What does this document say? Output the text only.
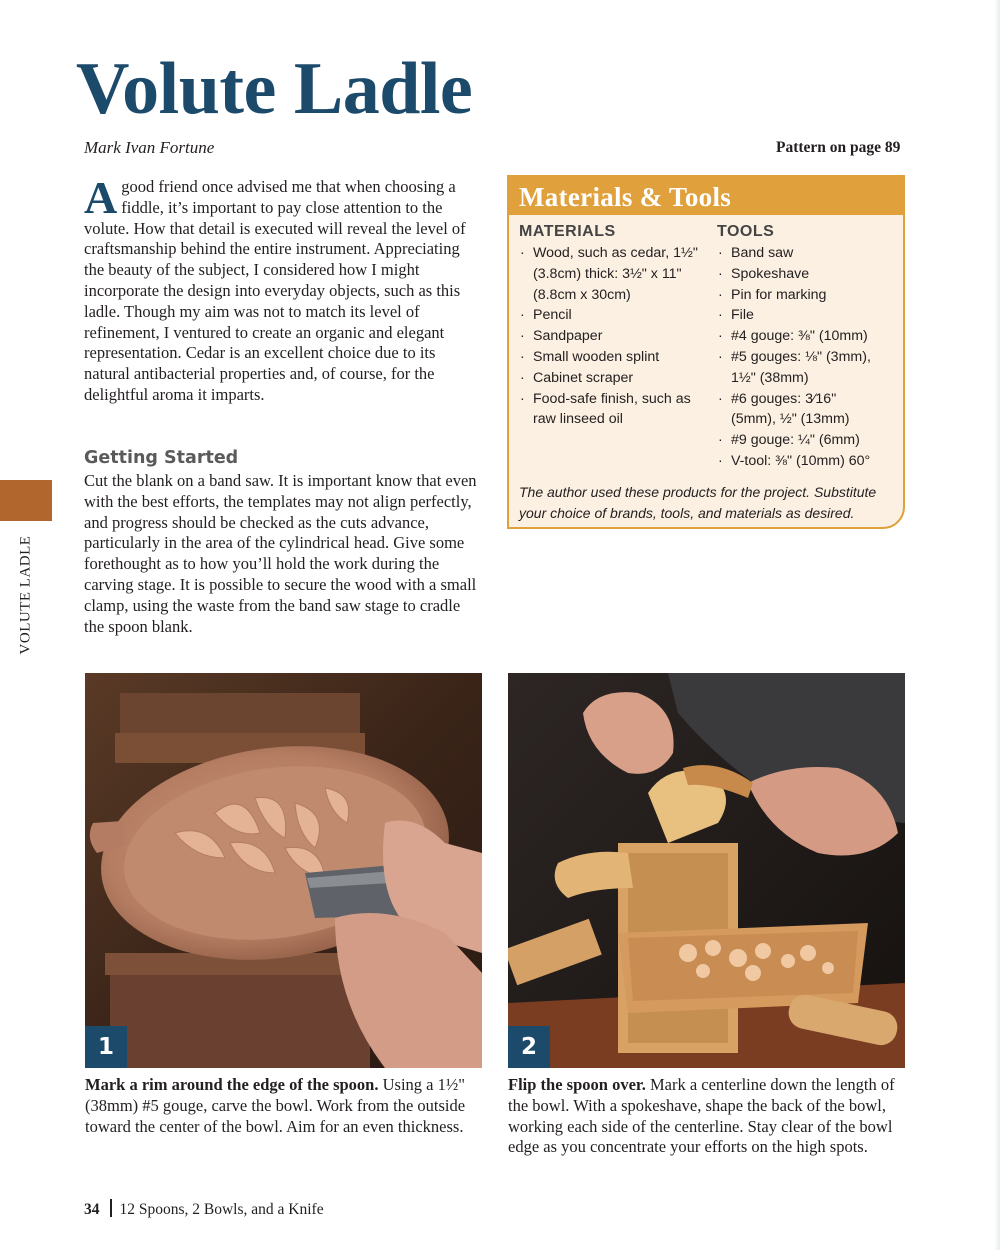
Volute Ladle
Mark Ivan Fortune	Pattern on page 89
VOLUTE LADLE

A good friend once advised me that when choosing a fiddle, it’s important to pay close attention to the volute. How that detail is executed will reveal the level of craftsmanship behind the entire instrument. Appreciating the beauty of the subject, I considered how I might incorporate the design into everyday objects, such as this ladle. Though my aim was not to match its level of refinement, I ventured to create an organic and elegant representation. Cedar is an excellent choice due to its natural antibacterial properties and, of course, for the delightful aroma it imparts.

Getting Started

Cut the blank on a band saw. It is important know that even with the best efforts, the templates may not align perfectly, and progress should be checked as the cuts advance, particularly in the area of the cylindrical head. Give some forethought as to how you’ll hold the work during the carving stage. It is possible to secure the wood with a small clamp, using the waste from the band saw stage to cradle the spoon blank.

Materials & Tools
MATERIALS
· Wood, such as cedar, 1½" (3.8cm) thick: 3½" x 11" (8.8cm x 30cm)
· Pencil
· Sandpaper
· Small wooden splint
· Cabinet scraper
· Food-safe finish, such as raw linseed oil
TOOLS
· Band saw
· Spokeshave
· Pin for marking
· File
· #4 gouge: ⅜" (10mm)
· #5 gouges: ⅛" (3mm), 1½" (38mm)
· #6 gouges: 3⁄16" (5mm), ½" (13mm)
· #9 gouge: ¼" (6mm)
· V-tool: ⅜" (10mm) 60°
The author used these products for the project. Substitute your choice of brands, tools, and materials as desired.
1	2

Mark a rim around the edge of the spoon. Using a 1½" (38mm) #5 gouge, carve the bowl. Work from the outside toward the center of the bowl. Aim for an even thickness.

Flip the spoon over. Mark a centerline down the length of the bowl. With a spokeshave, shape the back of the bowl, working each side of the centerline. Stay clear of the bowl edge as you concentrate your efforts on the high spots.

34 12 Spoons, 2 Bowls, and a Knife
